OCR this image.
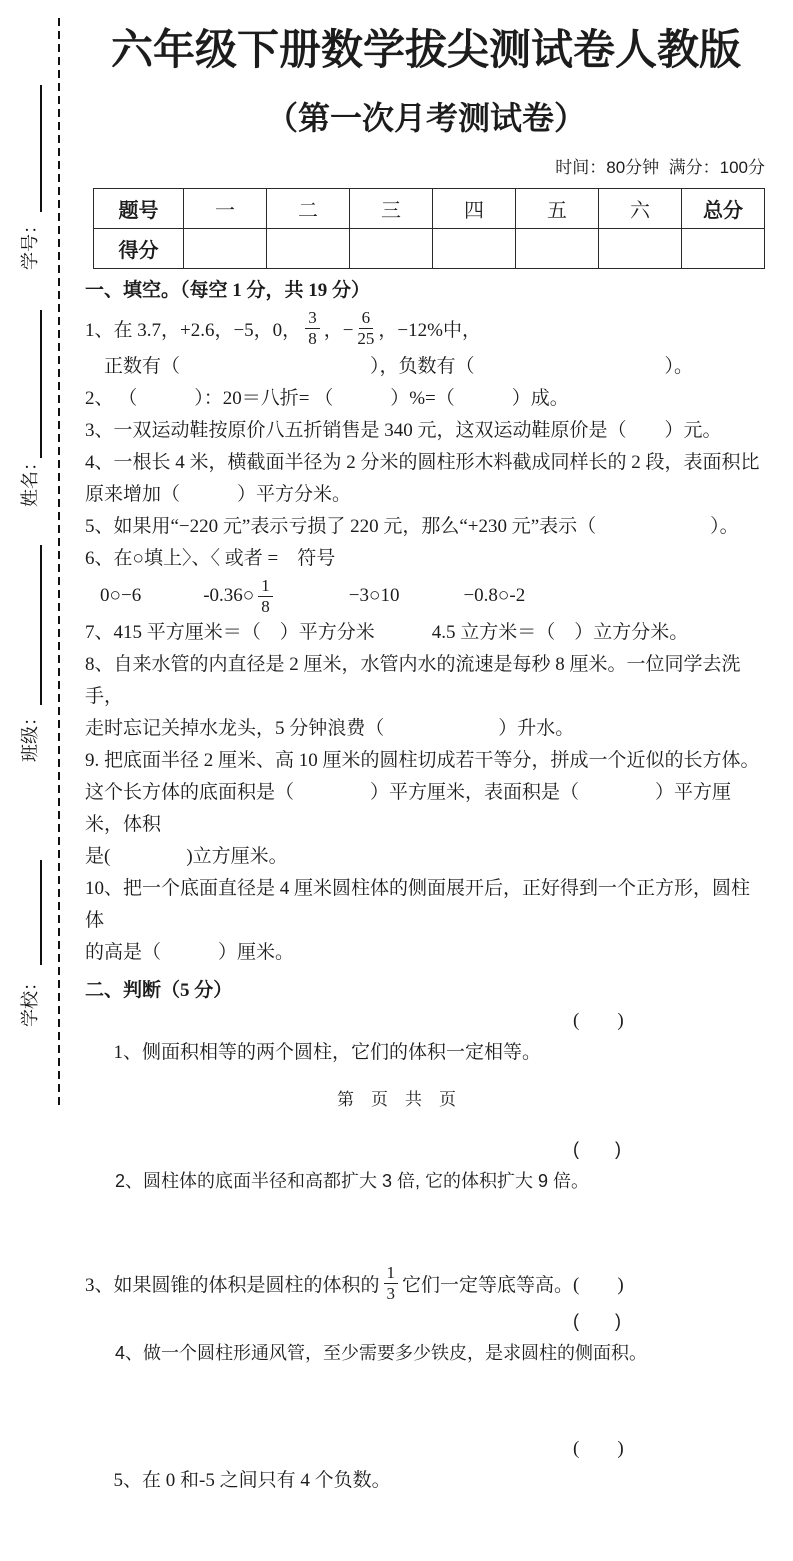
学号：
姓名：
班级：
学校：
六年级下册数学拔尖测试卷人教版
（第一次月考测试卷）
时间：80分钟  满分：100分
题号	一	二	三	四	五	六	总分
得分							
一、填空。（每空 1 分，共 19 分）
1、在 3.7，+2.6，−5，0， $\frac{3}{8}$ ，− $\frac{6}{25}$ ，−12%中，
正数有（　　　　　　　　　　），负数有（　　　　　　　　　　）。
2、 （　　　）：20＝八折= （　　　）%=（　　　）成。
3、一双运动鞋按原价八五折销售是 340 元，这双运动鞋原价是（　　）元。
4、一根长 4 米，横截面半径为 2 分米的圆柱形木料截成同样长的 2 段，表面积比
原来增加（　　　）平方分米。
5、如果用“−220 元”表示亏损了 220 元，那么“+230 元”表示（　　　　　　）。
6、在○填上〉、〈 或者 =　符号
0○−6	-0.36○ $\frac{1}{8}$	−3○10	−0.8○-2
7、415 平方厘米＝（　）平方分米　　　4.5 立方米＝（　）立方分米。
8、自来水管的内直径是 2 厘米，水管内水的流速是每秒 8 厘米。一位同学去洗手，
走时忘记关掉水龙头，5 分钟浪费（　　　　　　）升水。
9. 把底面半径 2 厘米、高 10 厘米的圆柱切成若干等分，拼成一个近似的长方体。
这个长方体的底面积是（　　　　）平方厘米，表面积是（　　　　）平方厘米，体积
是(　　　　)立方厘米。
10、把一个底面直径是 4 厘米圆柱体的侧面展开后，正好得到一个正方形，圆柱体
的高是（　　　）厘米。
二、判断（5 分）

1、侧面积相等的两个圆柱，它们的体积一定相等。

(　　)

2、圆柱体的底面半径和高都扩大 3 倍, 它的体积扩大 9 倍。

(　　)

3、如果圆锥的体积是圆柱的体积的 $\frac{1}{3}$ 它们一定等底等高。 (　　)

4、做一个圆柱形通风管，至少需要多少铁皮，是求圆柱的侧面积。

(　　)

5、在 0 和-5 之间只有 4 个负数。

(　　)

第　页　共　页
